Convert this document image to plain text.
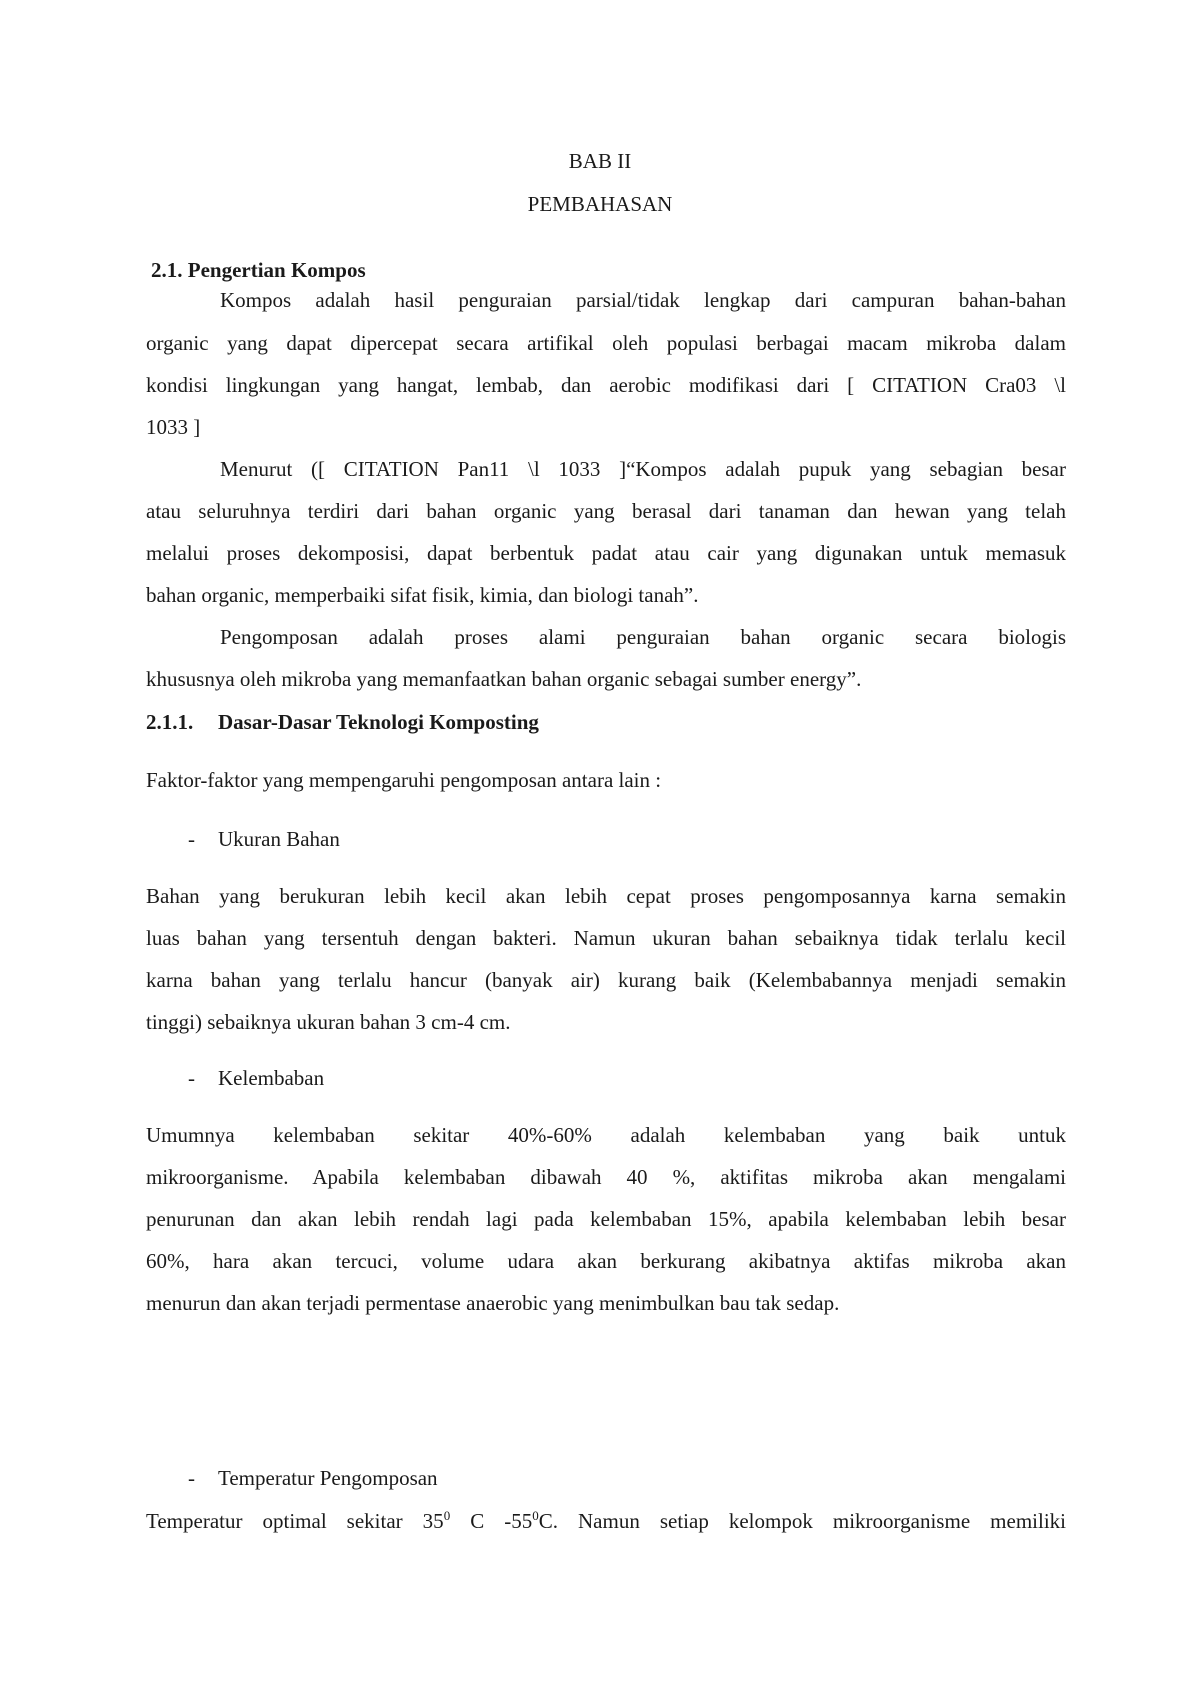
BAB II
PEMBAHASAN
2.1. Pengertian Kompos
Kompos adalah hasil penguraian parsial/tidak lengkap dari campuran bahan-bahan
organic yang dapat dipercepat secara artifikal oleh populasi berbagai macam mikroba dalam
kondisi lingkungan yang hangat, lembab, dan aerobic modifikasi dari [ CITATION Cra03 \l
1033 ]
Menurut ([ CITATION Pan11 \l 1033 ]“Kompos adalah pupuk yang sebagian besar
atau seluruhnya terdiri dari bahan organic yang berasal dari tanaman dan hewan yang telah
melalui proses dekomposisi, dapat berbentuk padat atau cair yang digunakan untuk memasuk
bahan organic, memperbaiki sifat fisik, kimia, dan biologi tanah”.
Pengomposan adalah proses alami penguraian bahan organic secara biologis
khususnya oleh mikroba yang memanfaatkan bahan organic sebagai sumber energy”.
2.1.1. Dasar-Dasar Teknologi Komposting
Faktor-faktor yang mempengaruhi pengomposan antara lain :
- Ukuran Bahan
Bahan yang berukuran lebih kecil akan lebih cepat proses pengomposannya karna semakin
luas bahan yang tersentuh dengan bakteri. Namun ukuran bahan sebaiknya tidak terlalu kecil
karna bahan yang terlalu hancur (banyak air) kurang baik (Kelembabannya menjadi semakin
tinggi) sebaiknya ukuran bahan 3 cm-4 cm.
- Kelembaban
Umumnya kelembaban sekitar 40%-60% adalah kelembaban yang baik untuk
mikroorganisme. Apabila kelembaban dibawah 40 %, aktifitas mikroba akan mengalami
penurunan dan akan lebih rendah lagi pada kelembaban 15%, apabila kelembaban lebih besar
60%, hara akan tercuci, volume udara akan berkurang akibatnya aktifas mikroba akan
menurun dan akan terjadi permentase anaerobic yang menimbulkan bau tak sedap.
- Temperatur Pengomposan
Temperatur optimal sekitar $35^0$ C $-55^0C$. Namun setiap kelompok mikroorganisme memiliki
